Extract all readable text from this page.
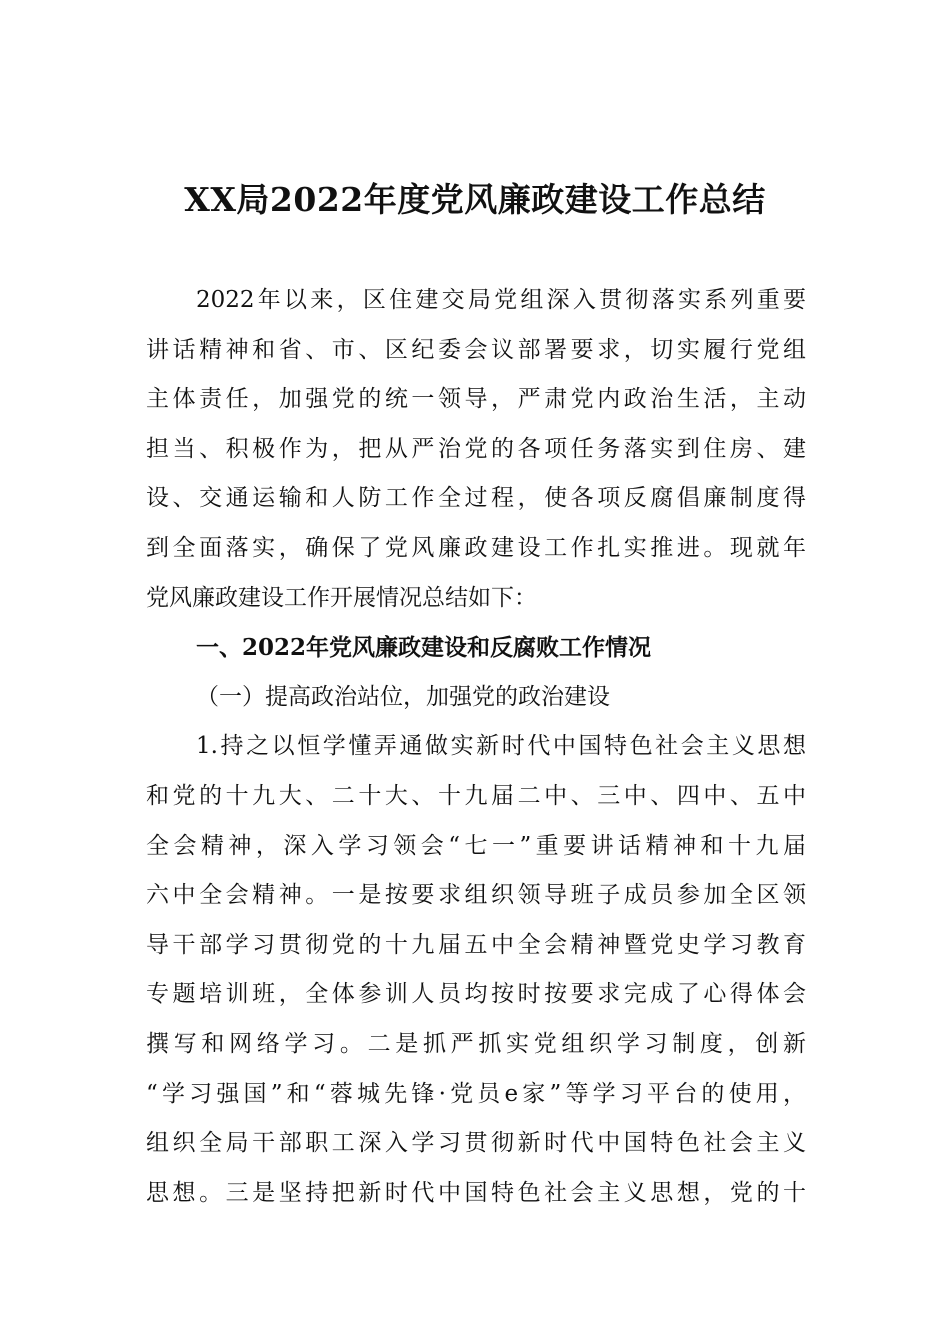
XX局2022年度党风廉政建设工作总结
2022年以来，区住建交局党组深入贯彻落实系列重要
讲话精神和省、市、区纪委会议部署要求，切实履行党组
主体责任，加强党的统一领导，严肃党内政治生活，主动
担当、积极作为，把从严治党的各项任务落实到住房、建
设、交通运输和人防工作全过程，使各项反腐倡廉制度得
到全面落实，确保了党风廉政建设工作扎实推进。现就年
党风廉政建设工作开展情况总结如下：
一、2022年党风廉政建设和反腐败工作情况
（一）提高政治站位，加强党的政治建设
1.持之以恒学懂弄通做实新时代中国特色社会主义思想
和党的十九大、二十大、十九届二中、三中、四中、五中
全会精神，深入学习领会“七一”重要讲话精神和十九届
六中全会精神。一是按要求组织领导班子成员参加全区领
导干部学习贯彻党的十九届五中全会精神暨党史学习教育
专题培训班，全体参训人员均按时按要求完成了心得体会
撰写和网络学习。二是抓严抓实党组织学习制度，创新
“学习强国”和“蓉城先锋·党员e家”等学习平台的使用，
组织全局干部职工深入学习贯彻新时代中国特色社会主义
思想。三是坚持把新时代中国特色社会主义思想，党的十
